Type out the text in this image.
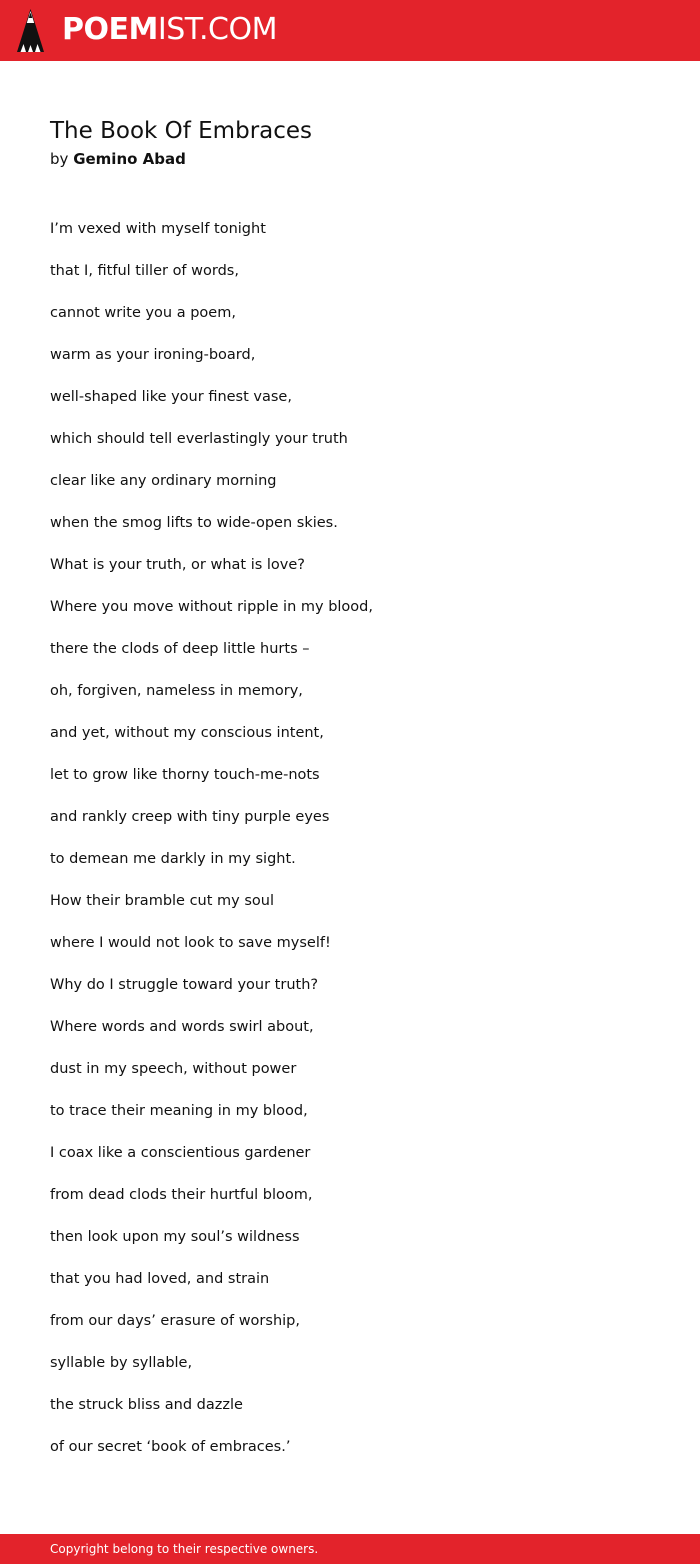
POEMIST.COM
The Book Of Embraces
by Gemino Abad
I’m vexed with myself tonight
that I, fitful tiller of words,
cannot write you a poem,
warm as your ironing-board,
well-shaped like your finest vase,
which should tell everlastingly your truth
clear like any ordinary morning
when the smog lifts to wide-open skies.
What is your truth, or what is love?
Where you move without ripple in my blood,
there the clods of deep little hurts –
oh, forgiven, nameless in memory,
and yet, without my conscious intent,
let to grow like thorny touch-me-nots
and rankly creep with tiny purple eyes
to demean me darkly in my sight.
How their bramble cut my soul
where I would not look to save myself!
Why do I struggle toward your truth?
Where words and words swirl about,
dust in my speech, without power
to trace their meaning in my blood,
I coax like a conscientious gardener
from dead clods their hurtful bloom,
then look upon my soul’s wildness
that you had loved, and strain
from our days’ erasure of worship,
syllable by syllable,
the struck bliss and dazzle
of our secret ‘book of embraces.’
Copyright belong to their respective owners.
